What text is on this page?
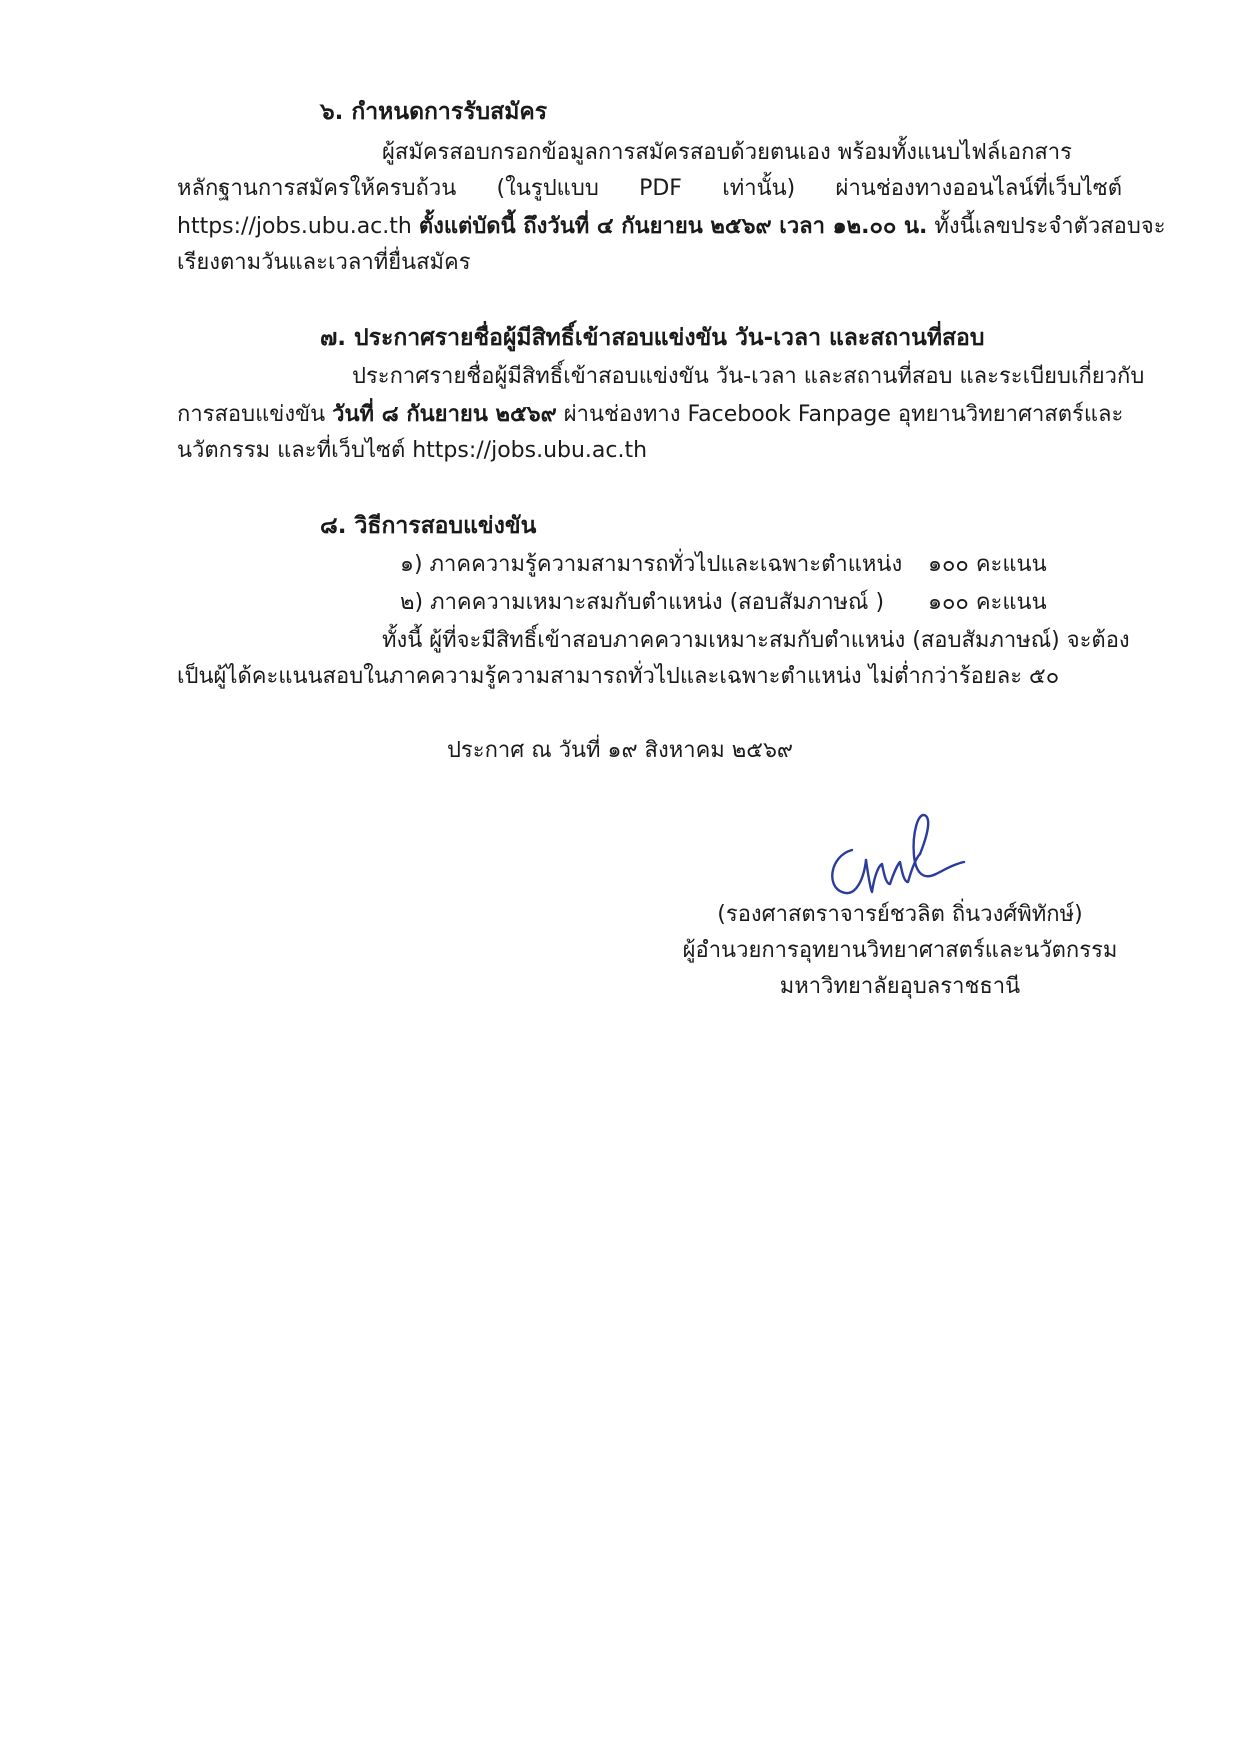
๖. กำหนดการรับสมัคร
ผู้สมัครสอบกรอกข้อมูลการสมัครสอบด้วยตนเอง พร้อมทั้งแนบไฟล์เอกสาร
หลักฐานการสมัครให้ครบถ้วน (ในรูปแบบ PDF เท่านั้น) ผ่านช่องทางออนไลน์ที่เว็บไซต์
https://jobs.ubu.ac.th ตั้งแต่บัดนี้ ถึงวันที่ ๔ กันยายน ๒๕๖๙ เวลา ๑๒.๐๐ น. ทั้งนี้เลขประจำตัวสอบจะ
เรียงตามวันและเวลาที่ยื่นสมัคร
๗. ประกาศรายชื่อผู้มีสิทธิ์เข้าสอบแข่งขัน วัน-เวลา และสถานที่สอบ
ประกาศรายชื่อผู้มีสิทธิ์เข้าสอบแข่งขัน วัน-เวลา และสถานที่สอบ และระเบียบเกี่ยวกับ
การสอบแข่งขัน วันที่ ๘ กันยายน ๒๕๖๙ ผ่านช่องทาง Facebook Fanpage อุทยานวิทยาศาสตร์และ
นวัตกรรม และที่เว็บไซต์ https://jobs.ubu.ac.th
๘. วิธีการสอบแข่งขัน
๑) ภาคความรู้ความสามารถทั่วไปและเฉพาะตำแหน่ง ๑๐๐ คะแนน
๒) ภาคความเหมาะสมกับตำแหน่ง (สอบสัมภาษณ์ ) ๑๐๐ คะแนน
ทั้งนี้ ผู้ที่จะมีสิทธิ์เข้าสอบภาคความเหมาะสมกับตำแหน่ง (สอบสัมภาษณ์) จะต้อง
เป็นผู้ได้คะแนนสอบในภาคความรู้ความสามารถทั่วไปและเฉพาะตำแหน่ง ไม่ต่ำกว่าร้อยละ ๕๐
ประกาศ ณ วันที่ ๑๙ สิงหาคม ๒๕๖๙
(รองศาสตราจารย์ชวลิต ถิ่นวงศ์พิทักษ์)
ผู้อำนวยการอุทยานวิทยาศาสตร์และนวัตกรรม
มหาวิทยาลัยอุบลราชธานี
